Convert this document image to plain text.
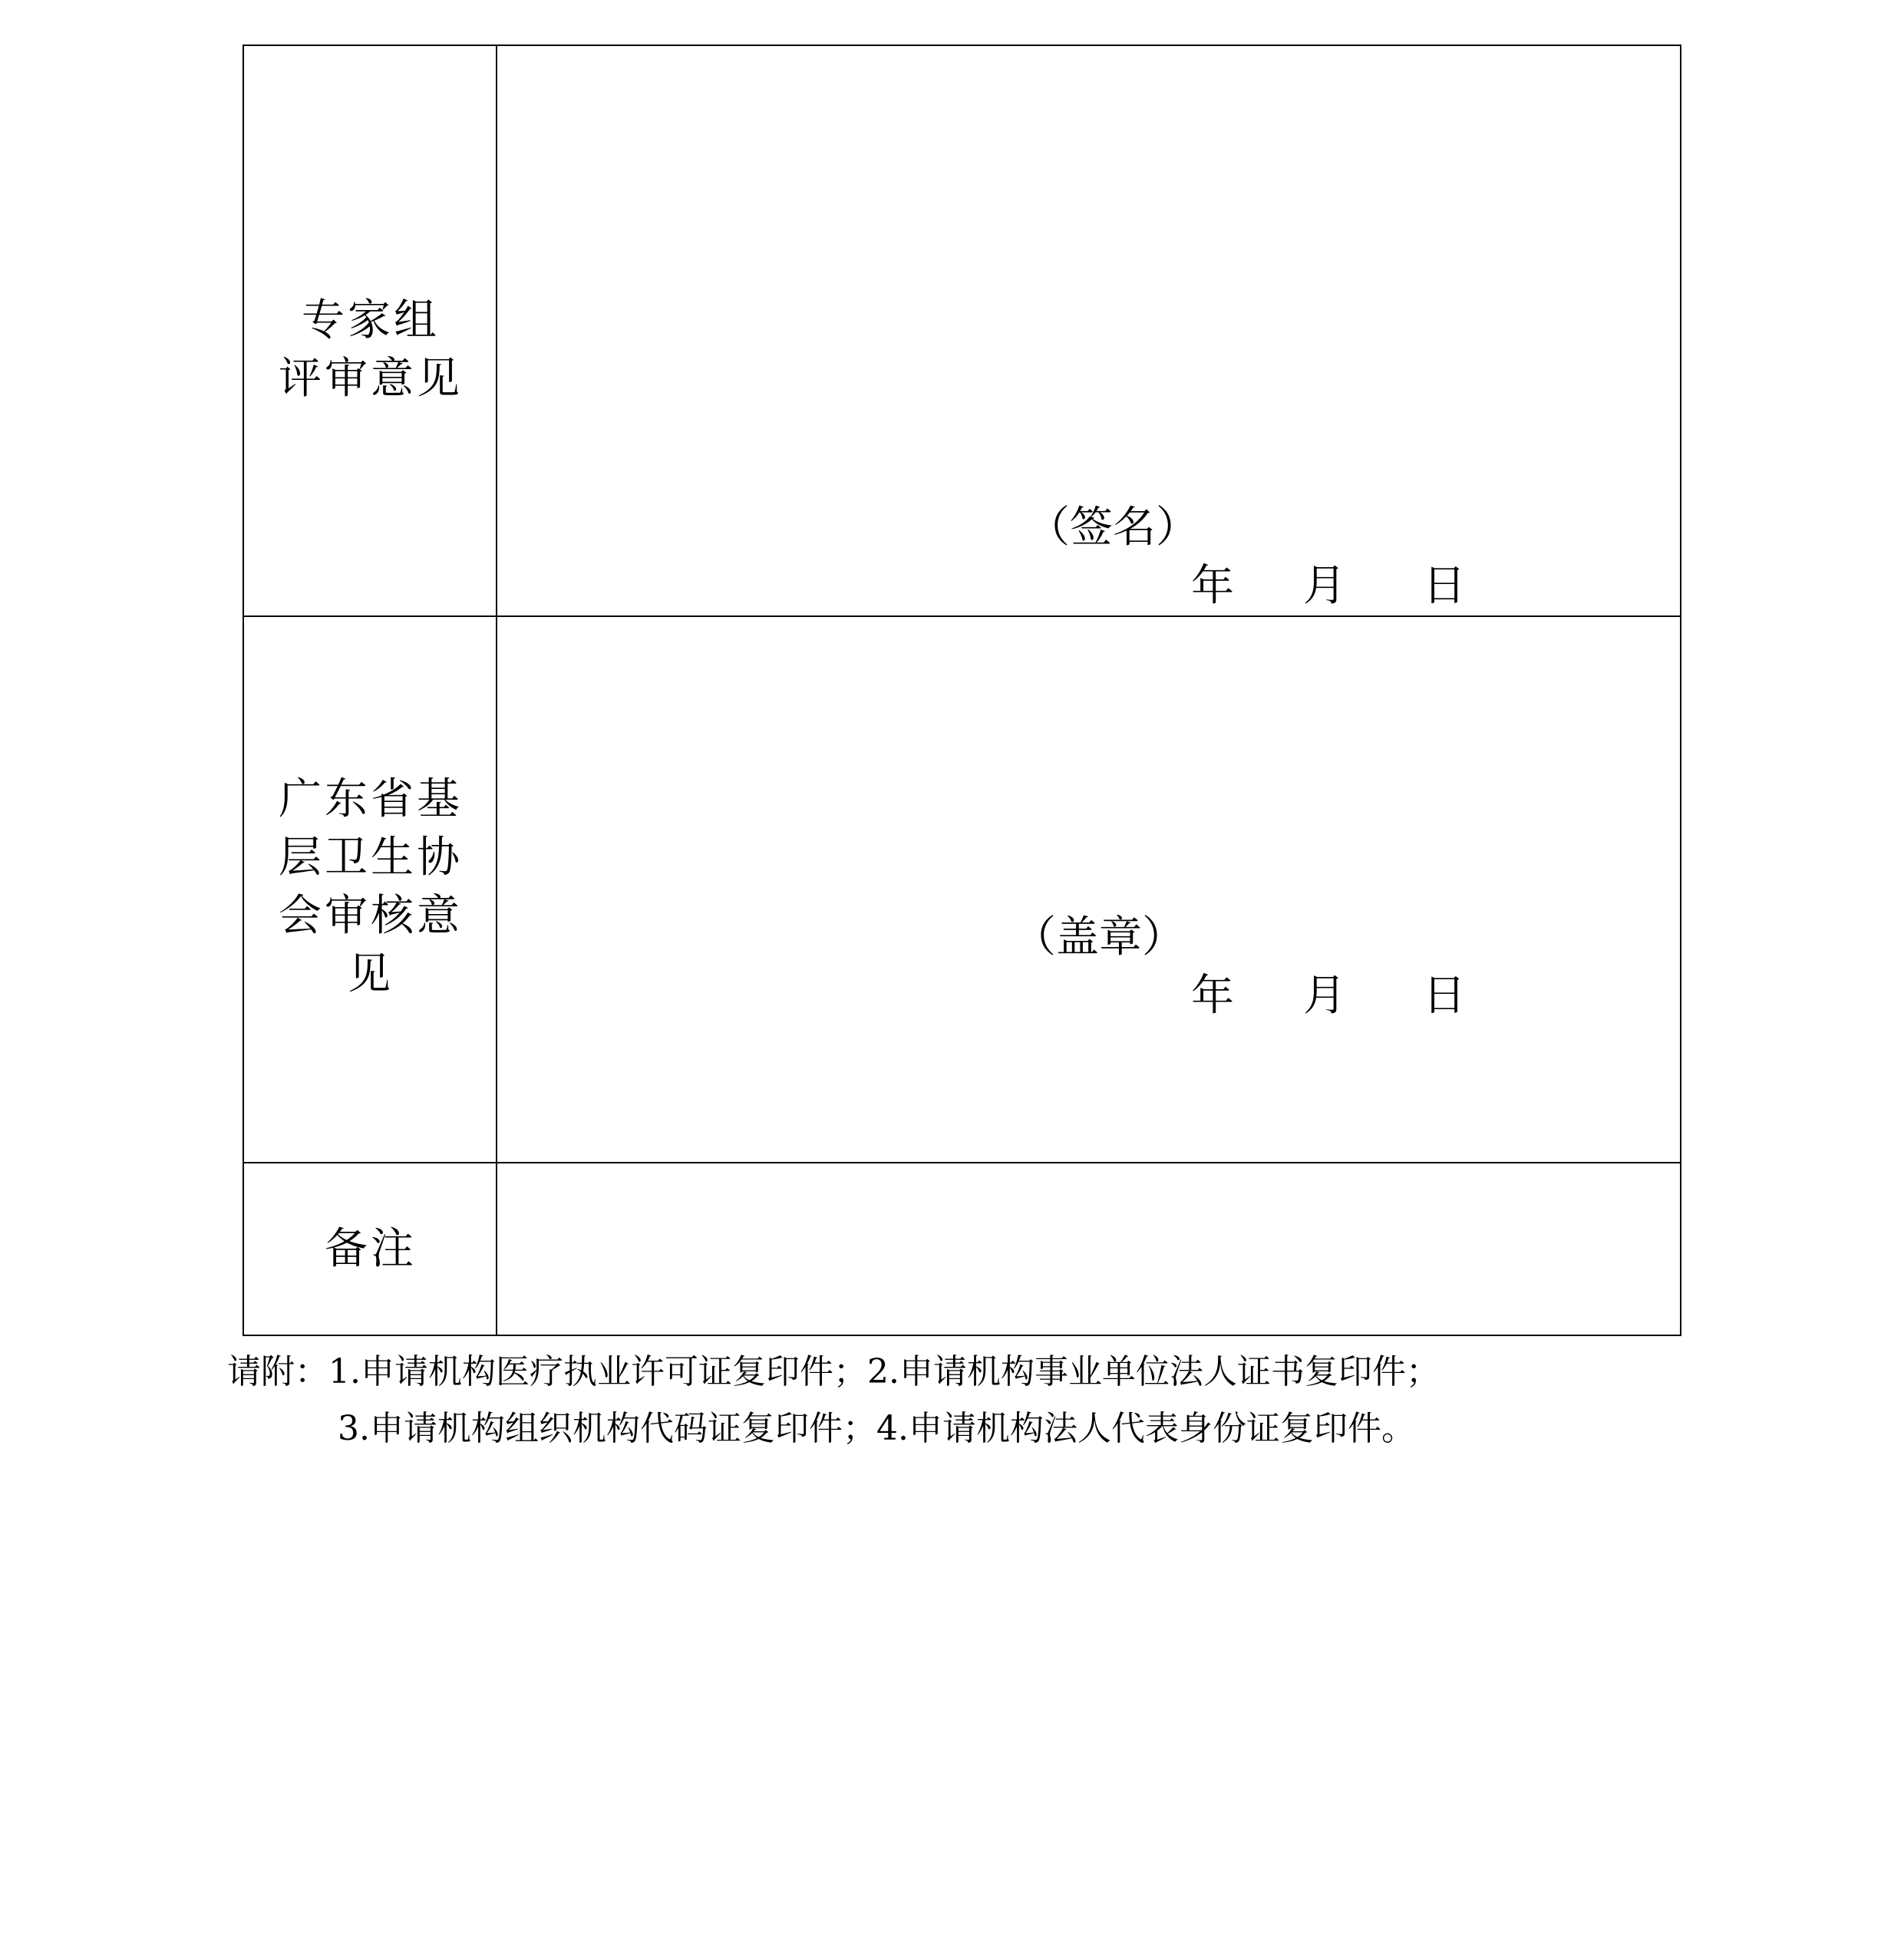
专家组
评审意见
（签名）
年 月 日
广东省基
层卫生协
会审核意
见
（盖章）
年 月 日
备注
请附：1.申请机构医疗执业许可证复印件；2.申请机构事业单位法人证书复印件；
3.申请机构组织机构代码证复印件；4.申请机构法人代表身份证复印件。
